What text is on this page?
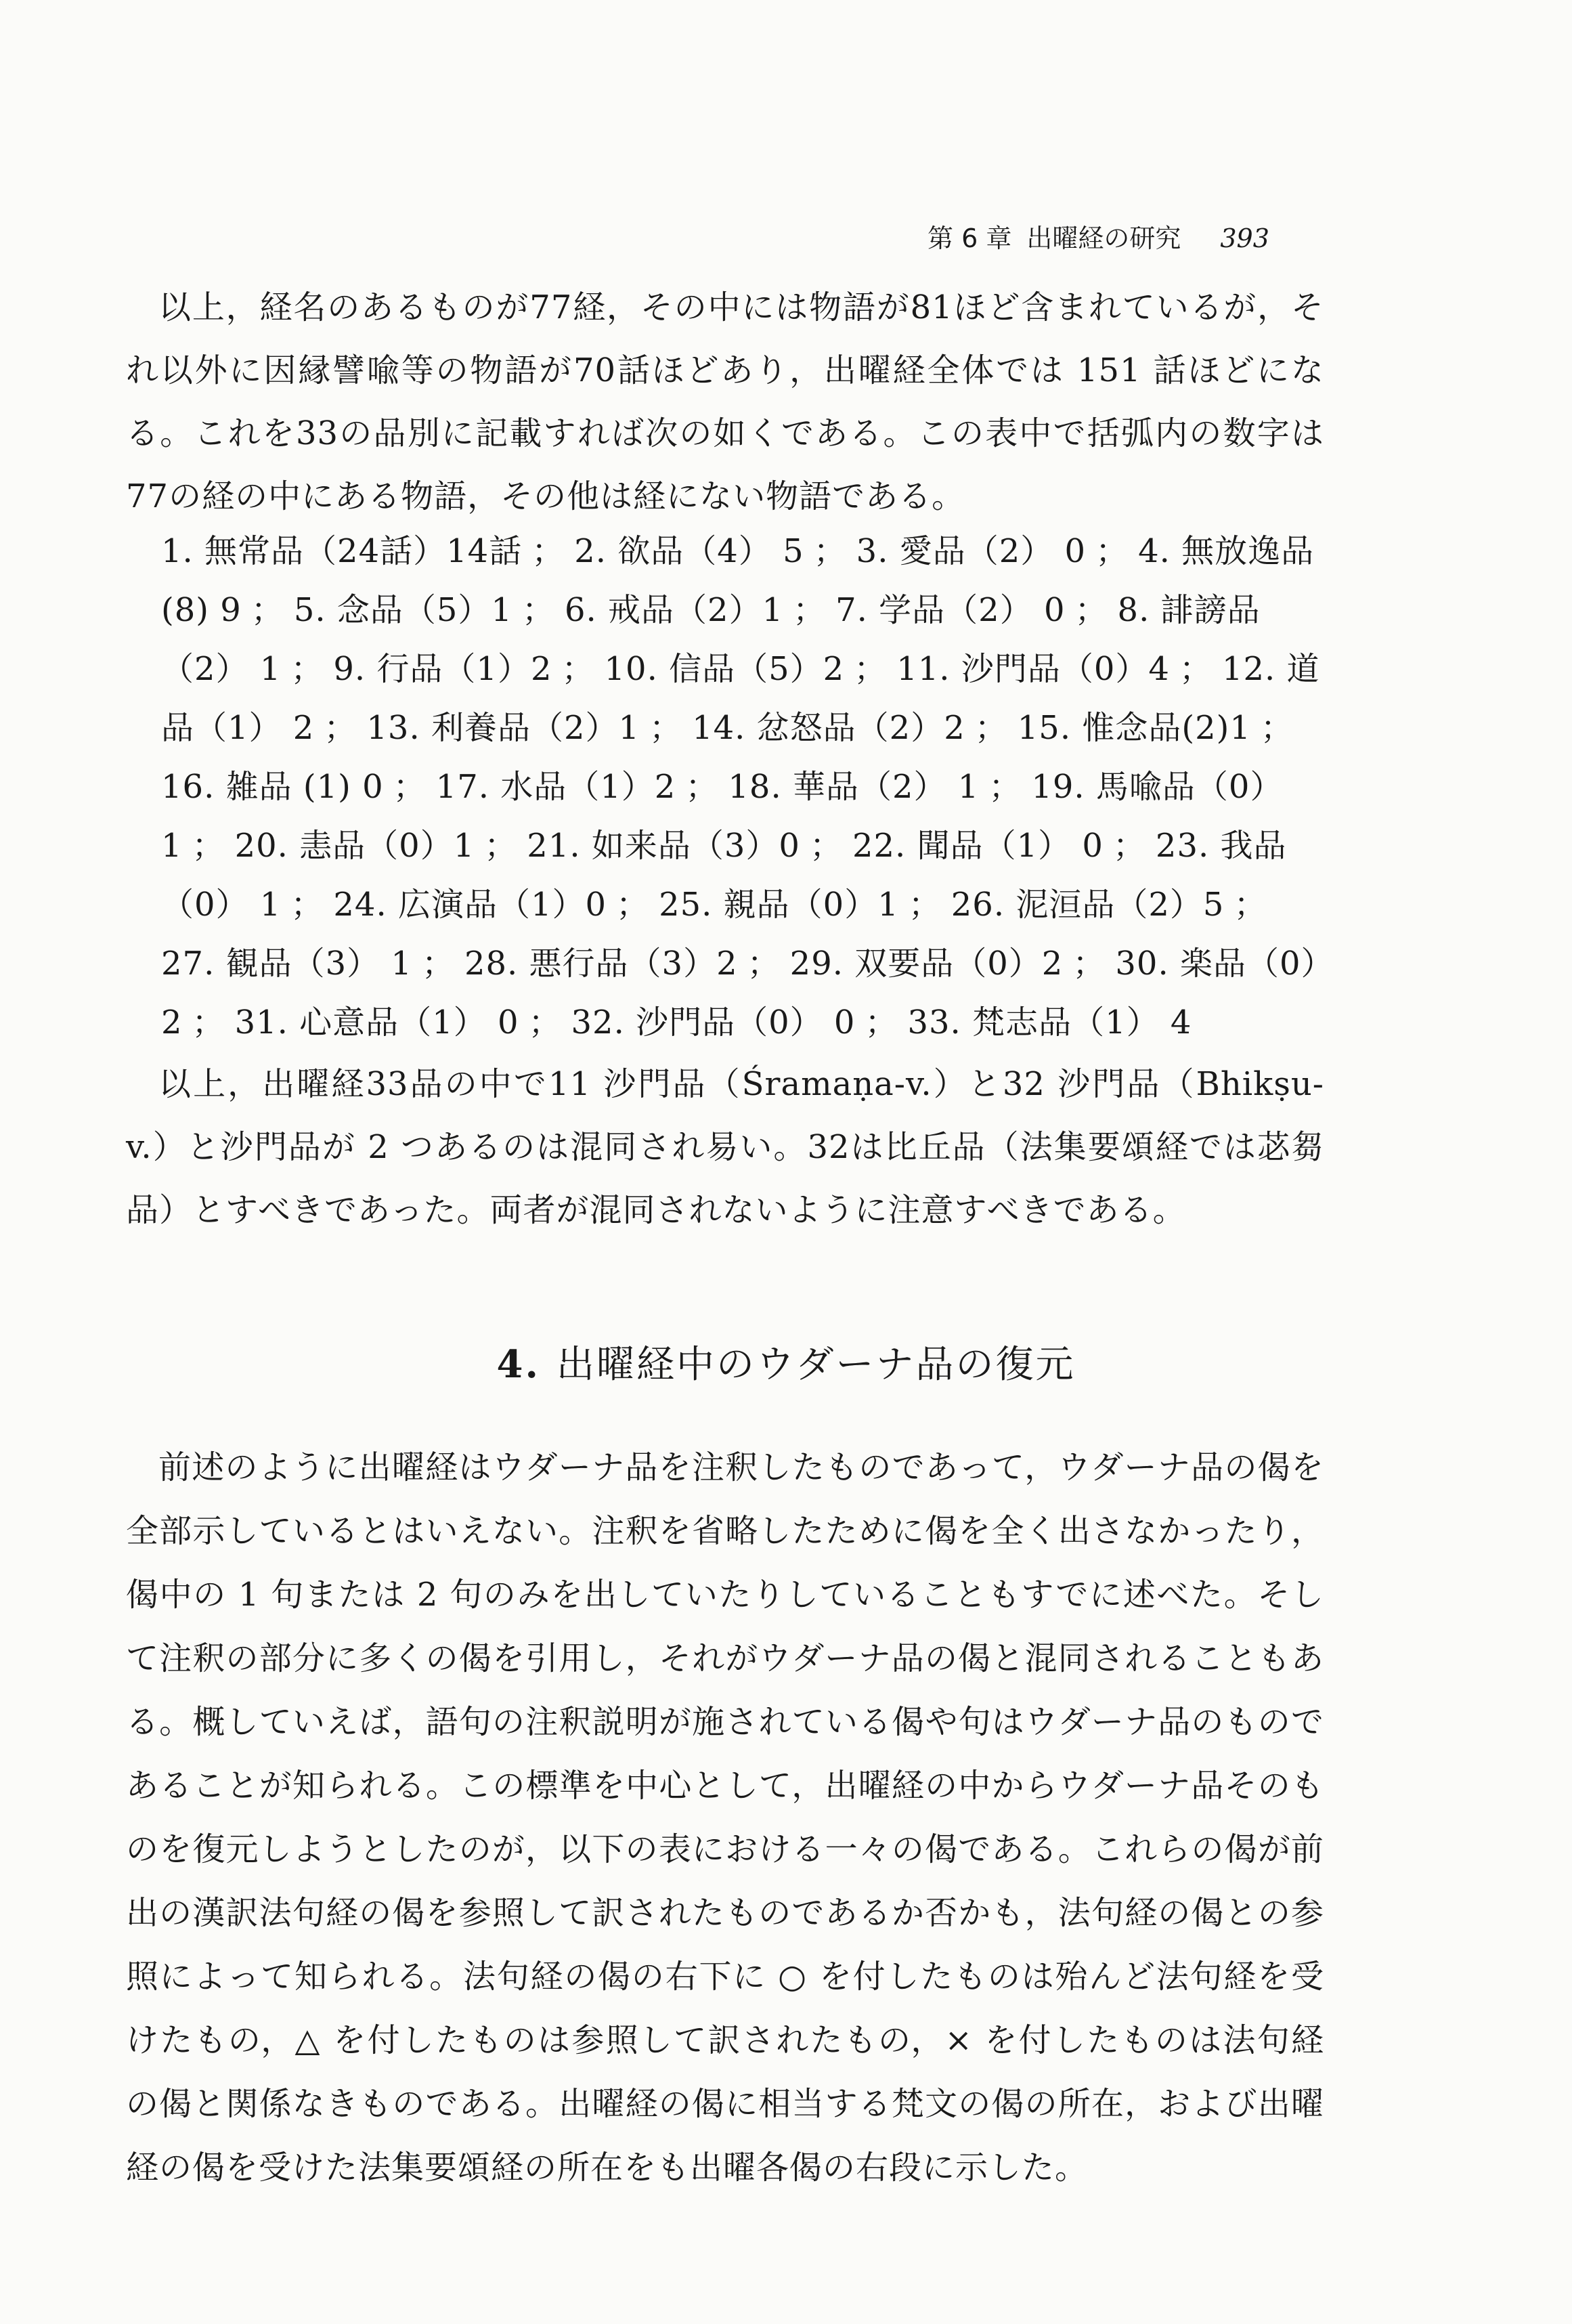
第 6 章 出曜経の研究 393

以上，経名のあるものが77経，その中には物語が81ほど含まれているが，それ以外に因縁譬喩等の物語が70話ほどあり，出曜経全体では 151 話ほどになる。これを33の品別に記載すれば次の如くである。この表中で括弧内の数字は77の経の中にある物語，その他は経にない物語である。

1. 無常品（24話）14話 ； 2. 欲品（4） 5 ； 3. 愛品（2） 0 ； 4. 無放逸品 (8) 9 ； 5. 念品（5）1 ； 6. 戒品（2）1 ； 7. 学品（2） 0 ； 8. 誹謗品（2） 1 ； 9. 行品（1）2 ； 10. 信品（5）2 ； 11. 沙門品（0）4 ； 12. 道品（1） 2 ； 13. 利養品（2）1 ； 14. 忿怒品（2）2 ； 15. 惟念品(2)1 ；16. 雑品 (1) 0 ； 17. 水品（1）2 ； 18. 華品（2） 1 ； 19. 馬喩品（0） 1 ； 20. 恚品（0）1 ； 21. 如来品（3）0 ； 22. 聞品（1） 0 ； 23. 我品（0） 1 ； 24. 広演品（1）0 ； 25. 親品（0）1 ； 26. 泥洹品（2）5 ；27. 観品（3） 1 ； 28. 悪行品（3）2 ； 29. 双要品（0）2 ； 30. 楽品（0）2 ； 31. 心意品（1） 0 ； 32. 沙門品（0） 0 ； 33. 梵志品（1） 4

以上，出曜経33品の中で11 沙門品（Śramaṇa-v.）と32 沙門品（Bhikṣu-v.）と沙門品が 2 つあるのは混同され易い。32は比丘品（法集要頌経では苾芻品）とすべきであった。両者が混同されないように注意すべきである。

4. 出曜経中のウダーナ品の復元

前述のように出曜経はウダーナ品を注釈したものであって，ウダーナ品の偈を全部示しているとはいえない。注釈を省略したために偈を全く出さなかったり，偈中の 1 句または 2 句のみを出していたりしていることもすでに述べた。そして注釈の部分に多くの偈を引用し，それがウダーナ品の偈と混同されることもある。概していえば，語句の注釈説明が施されている偈や句はウダーナ品のものであることが知られる。この標準を中心として，出曜経の中からウダーナ品そのものを復元しようとしたのが，以下の表における一々の偈である。これらの偈が前出の漢訳法句経の偈を参照して訳されたものであるか否かも，法句経の偈との参照によって知られる。法句経の偈の右下に ○ を付したものは殆んど法句経を受けたもの，△ を付したものは参照して訳されたもの，× を付したものは法句経の偈と関係なきものである。出曜経の偈に相当する梵文の偈の所在，および出曜経の偈を受けた法集要頌経の所在をも出曜各偈の右段に示した。
